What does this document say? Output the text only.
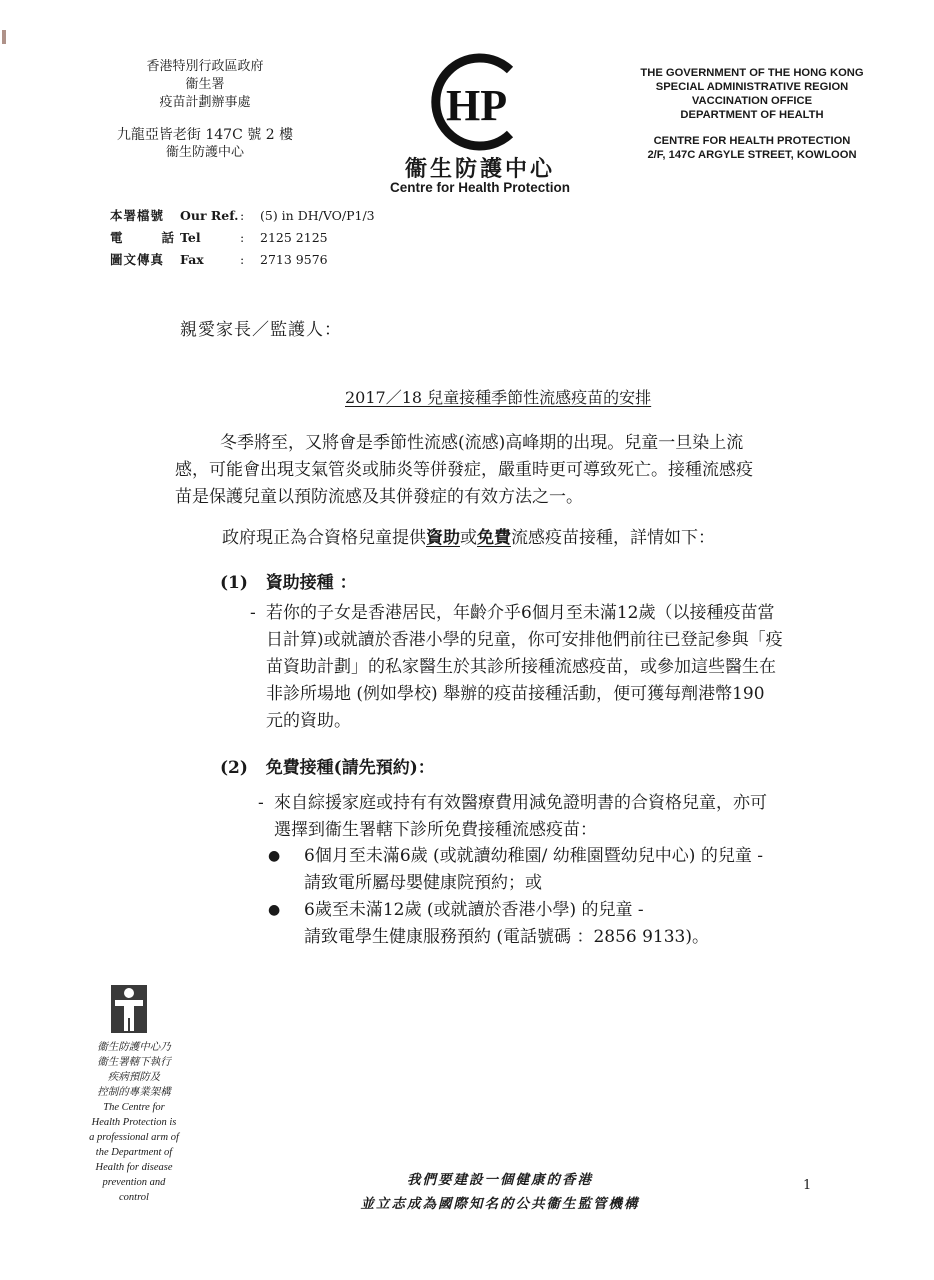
香港特別行政區政府
衞生署
疫苗計劃辦事處
九龍亞皆老街 147C 號 2 樓
衞生防護中心
HP
衞生防護中心
Centre for Health Protection
THE GOVERNMENT OF THE HONG KONG
SPECIAL ADMINISTRATIVE REGION
VACCINATION OFFICE
DEPARTMENT OF HEALTH
CENTRE FOR HEALTH PROTECTION
2/F, 147C ARGYLE STREET, KOWLOON
本署檔號	Our Ref. :	(5) in DH/VO/P1/3
電	話 Tel	:	2125 2125
圖文傳真	Fax	:	2713 9576
親愛家長／監護人：
2017／18 兒童接種季節性流感疫苗的安排
冬季將至，又將會是季節性流感(流感)高峰期的出現。兒童一旦染上流
感，可能會出現支氣管炎或肺炎等併發症，嚴重時更可導致死亡。接種流感疫
苗是保護兒童以預防流感及其併發症的有效方法之一。
政府現正為合資格兒童提供資助或免費流感疫苗接種，詳情如下：
(1) 資助接種 ：
- 若你的子女是香港居民，年齡介乎6個月至未滿12歲（以接種疫苗當
日計算)或就讀於香港小學的兒童，你可安排他們前往已登記參與「疫
苗資助計劃」的私家醫生於其診所接種流感疫苗，或參加這些醫生在
非診所場地 (例如學校) 舉辦的疫苗接種活動，便可獲每劑港幣190
元的資助。
(2) 免費接種(請先預約)：
- 來自綜援家庭或持有有效醫療費用減免證明書的合資格兒童，亦可
選擇到衞生署轄下診所免費接種流感疫苗：
●	6個月至未滿6歲 (或就讀幼稚園/ 幼稚園暨幼兒中心) 的兒童 -
請致電所屬母嬰健康院預約；或
●	6歲至未滿12歲 (或就讀於香港小學) 的兒童 -
請致電學生健康服務預約 (電話號碼 ：2856 9133)。
衞生防護中心乃
衞生署轄下執行
疾病預防及
控制的專業架構
The Centre for
Health Protection is
a professional arm of
the Department of
Health for disease
prevention and
control
我們要建設一個健康的香港
並立志成為國際知名的公共衞生監管機構
1
